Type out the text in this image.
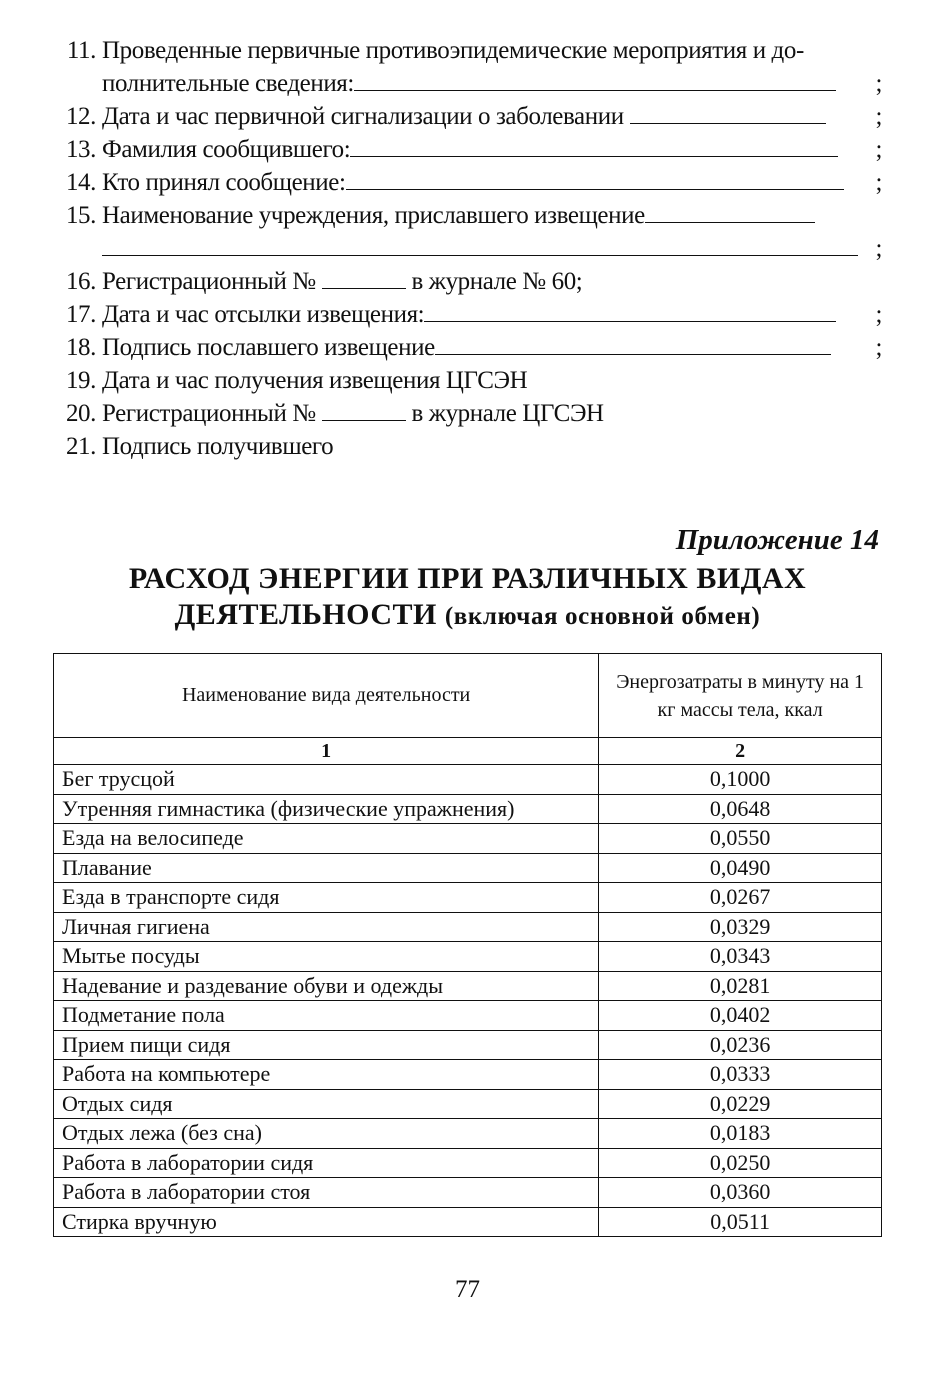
11. Проведенные первичные противоэпидемические мероприятия и до-
полнительные сведения:	;
12. Дата и час первичной сигнализации о заболевании	;
13. Фамилия сообщившего:	;
14. Кто принял сообщение:	;
15. Наименование учреждения, приславшего извещение
;
16. Регистрационный №	в журнале № 60;
17. Дата и час отсылки извещения:	;
18. Подпись пославшего извещение	;
19. Дата и час получения извещения ЦГСЭН
20. Регистрационный №	в журнале ЦГСЭН
21. Подпись получившего
Приложение 14
РАСХОД ЭНЕРГИИ ПРИ РАЗЛИЧНЫХ ВИДАХ
ДЕЯТЕЛЬНОСТИ (включая основной обмен)
Наименование вида деятельности	Энергозатраты в минуту на 1 кг массы тела, ккал
1	2
Бег трусцой	0,1000
Утренняя гимнастика (физические упражнения)	0,0648
Езда на велосипеде	0,0550
Плавание	0,0490
Езда в транспорте сидя	0,0267
Личная гигиена	0,0329
Мытье посуды	0,0343
Надевание и раздевание обуви и одежды	0,0281
Подметание пола	0,0402
Прием пищи сидя	0,0236
Работа на компьютере	0,0333
Отдых сидя	0,0229
Отдых лежа (без сна)	0,0183
Работа в лаборатории сидя	0,0250
Работа в лаборатории стоя	0,0360
Стирка вручную	0,0511
77
